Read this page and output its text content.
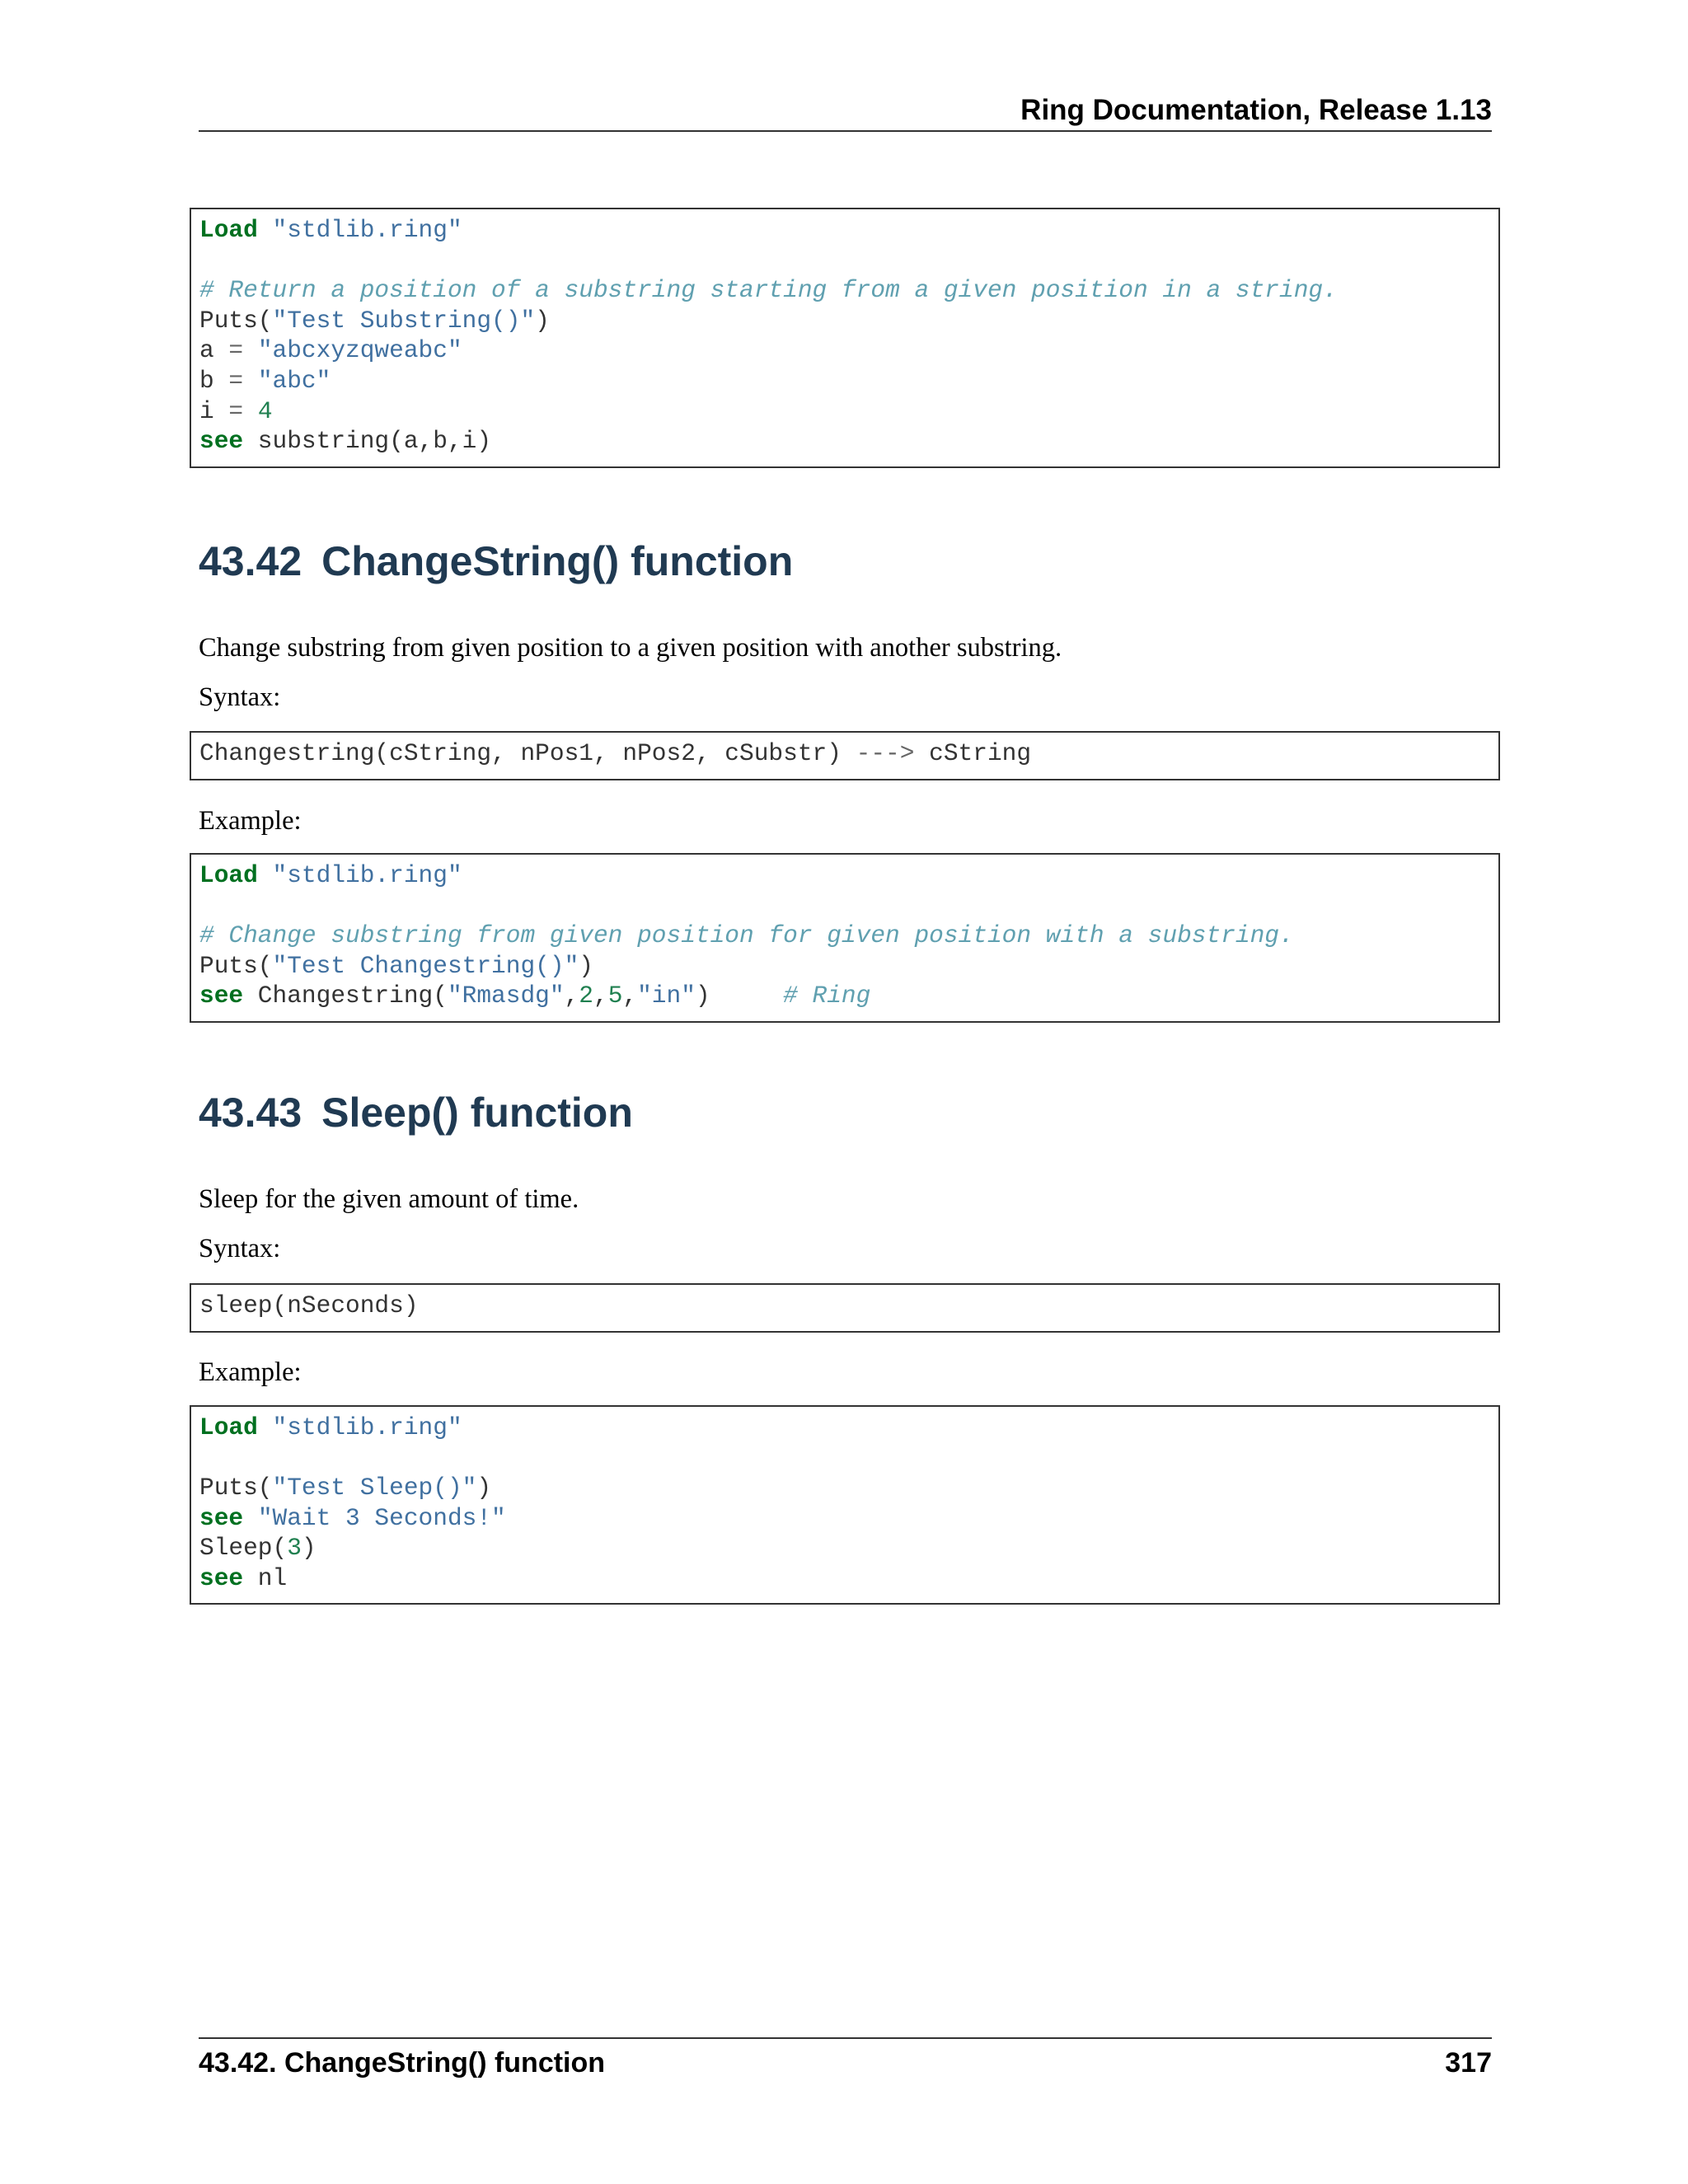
Ring Documentation, Release 1.13
Load "stdlib.ring"
# Return a position of a substring starting from a given position in a string.
Puts("Test Substring()")
a = "abcxyzqweabc"
b = "abc"
i = 4
see substring(a,b,i)
43.42 ChangeString() function

Change substring from given position to a given position with another substring.

Syntax:

Changestring(cString, nPos1, nPos2, cSubstr) ---> cString

Example:

Load "stdlib.ring"
# Change substring from given position for given position with a substring.
Puts("Test Changestring()")
see Changestring("Rmasdg",2,5,"in")	# Ring
43.43 Sleep() function

Sleep for the given amount of time.

Syntax:

sleep(nSeconds)

Example:

Load "stdlib.ring"
Puts("Test Sleep()")
see "Wait 3 Seconds!"
Sleep(3)
see nl
43.42. ChangeString() function	317
